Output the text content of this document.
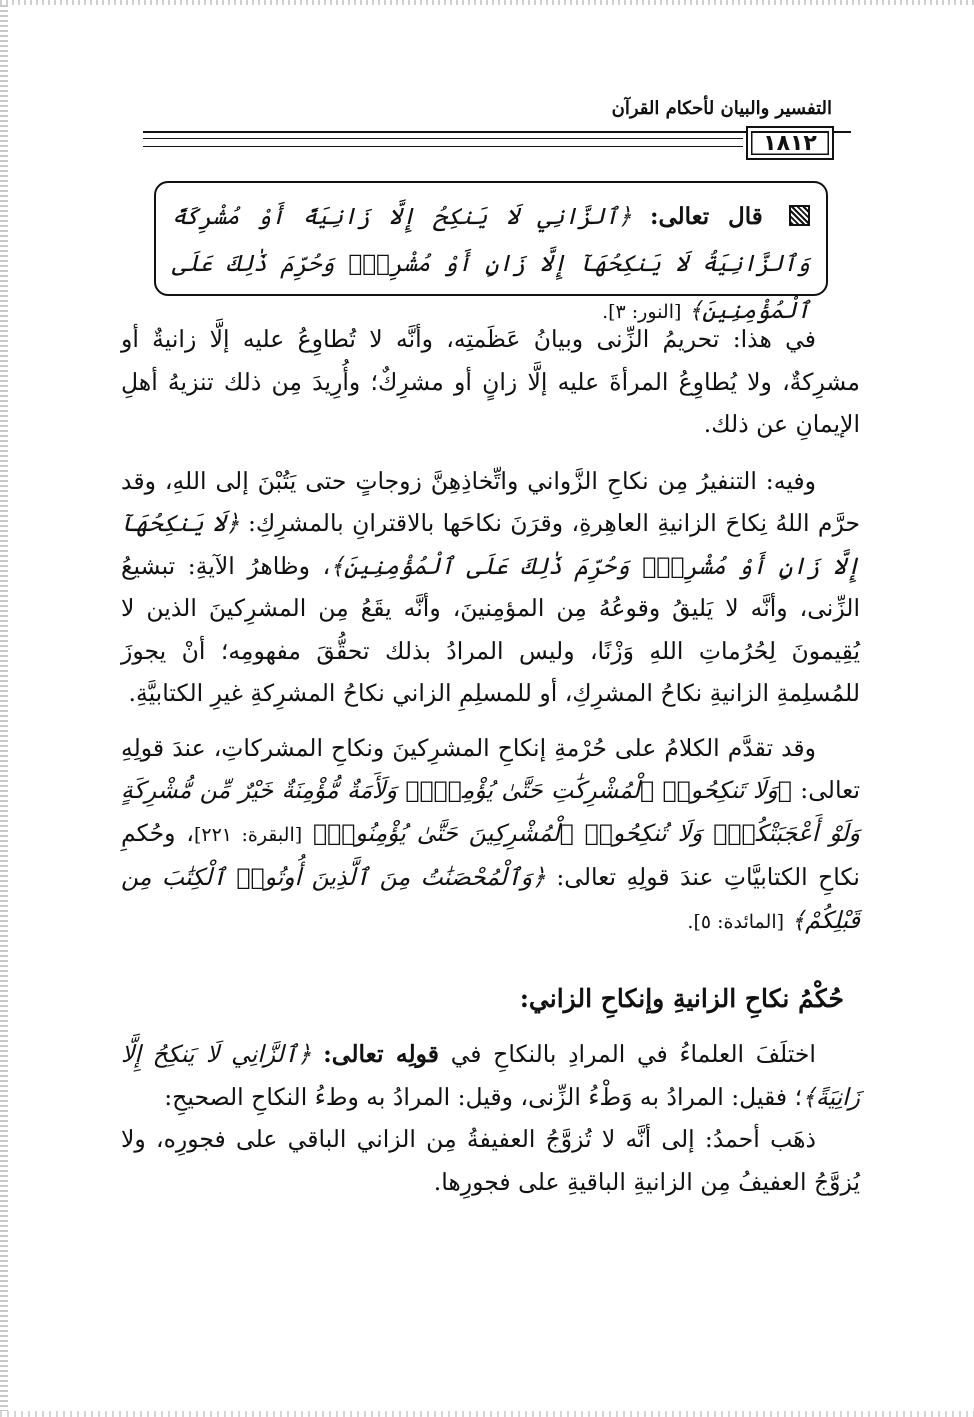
التفسير والبيان لأحكام القرآن
١٨١٢
قال تعالى: ﴿ٱلزَّانِي لَا يَنكِحُ إِلَّا زَانِيَةً أَوْ مُشْرِكَةً وَٱلزَّانِيَةُ لَا يَنكِحُهَآ إِلَّا زَانٍ أَوْ مُشْرِكٌۚ وَحُرِّمَ ذَٰلِكَ عَلَى ٱلْمُؤْمِنِينَ﴾ [النور: ٣].

في هذا: تحريمُ الزِّنى وبيانُ عَظَمتِه، وأنَّه لا تُطاوِعُ عليه إلَّا زانيةٌ أو مشرِكةٌ، ولا يُطاوِعُ المرأةَ عليه إلَّا زانٍ أو مشرِكٌ؛ وأُرِيدَ مِن ذلك تنزيهُ أهلِ الإيمانِ عن ذلك.

وفيه: التنفيرُ مِن نكاحِ الزَّواني واتِّخاذِهِنَّ زوجاتٍ حتى يَتُبْنَ إلى اللهِ، وقد حرَّم اللهُ نِكاحَ الزانيةِ العاهِرةِ، وقرَنَ نكاحَها بالاقترانِ بالمشرِكِ: ﴿لَا يَنكِحُهَآ إِلَّا زَانٍ أَوْ مُشْرِكٌۚ وَحُرِّمَ ذَٰلِكَ عَلَى ٱلْمُؤْمِنِينَ﴾، وظاهرُ الآيةِ: تبشيعُ الزِّنى، وأنَّه لا يَليقُ وقوعُهُ مِن المؤمِنينَ، وأنَّه يقَعُ مِن المشرِكينَ الذين لا يُقِيمونَ لِحُرُماتِ اللهِ وَزْنًا، وليس المرادُ بذلك تحقُّقَ مفهومِه؛ أنْ يجوزَ للمُسلِمةِ الزانيةِ نكاحُ المشرِكِ، أو للمسلِمِ الزاني نكاحُ المشرِكةِ غيرِ الكتابيَّةِ.

وقد تقدَّم الكلامُ على حُرْمةِ إنكاحِ المشرِكينَ ونكاحِ المشركاتِ، عندَ قولِهِ تعالى: ﴿وَلَا تَنكِحُوا۟ ٱلْمُشْرِكَٰتِ حَتَّىٰ يُؤْمِنَّۚ وَلَأَمَةٌ مُّؤْمِنَةٌ خَيْرٌ مِّن مُّشْرِكَةٍ وَلَوْ أَعْجَبَتْكُمْۗ وَلَا تُنكِحُوا۟ ٱلْمُشْرِكِينَ حَتَّىٰ يُؤْمِنُوا۟﴾ [البقرة: ٢٢١]، وحُكمِ نكاحِ الكتابيَّاتِ عندَ قولِهِ تعالى: ﴿وَٱلْمُحْصَنَٰتُ مِنَ ٱلَّذِينَ أُوتُوا۟ ٱلْكِتَٰبَ مِن قَبْلِكُمْ﴾ [المائدة: ٥].

حُكْمُ نكاحِ الزانيةِ وإنكاحِ الزاني:

اختلَفَ العلماءُ في المرادِ بالنكاحِ في قولِه تعالى: ﴿ٱلزَّانِي لَا يَنكِحُ إِلَّا زَانِيَةً﴾؛ فقيل: المرادُ به وَطْءُ الزِّنى، وقيل: المرادُ به وطءُ النكاحِ الصحيحِ:

ذهَب أحمدُ: إلى أنَّه لا تُزوَّجُ العفيفةُ مِن الزاني الباقي على فجورِه، ولا يُزوَّجُ العفيفُ مِن الزانيةِ الباقيةِ على فجورِها.
